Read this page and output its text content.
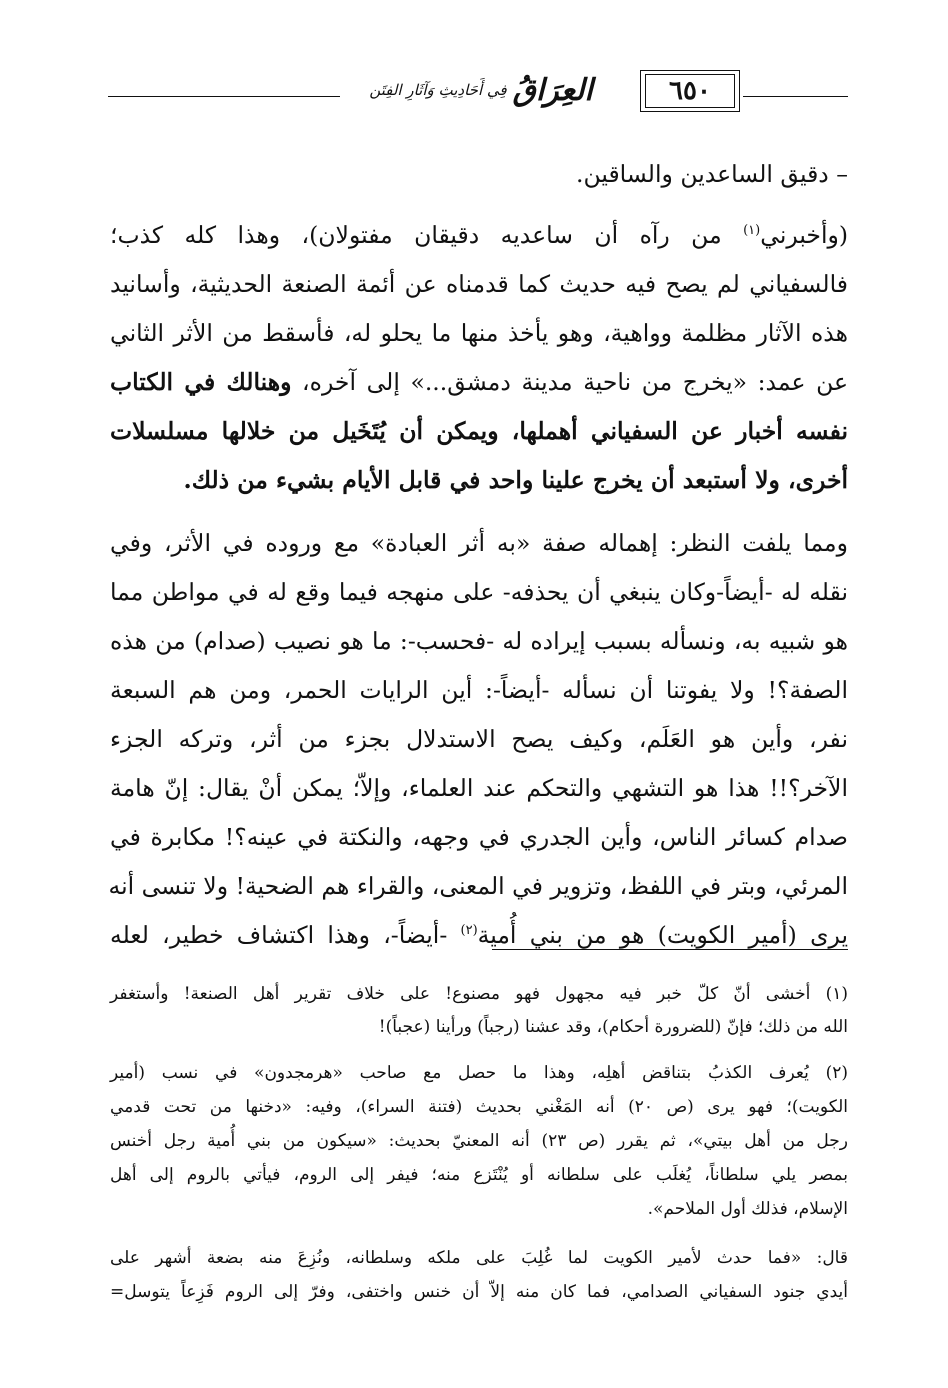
٦٥٠
العِرَاقُ
فِي أَحَادِيثِ وَآثَارِ الفِتَن
– دقيق الساعدين والساقين.
(وأخبرني$^{(١)}$ من رآه أن ساعديه دقيقان مفتولان)، وهذا كله كذب؛
فالسفياني لم يصح فيه حديث كما قدمناه عن أئمة الصنعة الحديثية، وأسانيد
هذه الآثار مظلمة وواهية، وهو يأخذ منها ما يحلو له، فأسقط من الأثر الثاني
عن عمد: «يخرج من ناحية مدينة دمشق...» إلى آخره، وهنالك في الكتاب
نفسه أخبار عن السفياني أهملها، ويمكن أن يُتَخَيل من خلالها مسلسلات
أخرى، ولا أستبعد أن يخرج علينا واحد في قابل الأيام بشيء من ذلك.
ومما يلفت النظر: إهماله صفة «به أثر العبادة» مع وروده في الأثر، وفي
نقله له -أيضاً-وكان ينبغي أن يحذفه- على منهجه فيما وقع له في مواطن مما
هو شبيه به، ونسأله بسبب إيراده له -فحسب-: ما هو نصيب (صدام) من هذه
الصفة؟! ولا يفوتنا أن نسأله -أيضاً-: أين الرايات الحمر، ومن هم السبعة
نفر، وأين هو العَلَم، وكيف يصح الاستدلال بجزء من أثر، وتركه الجزء
الآخر؟!! هذا هو التشهي والتحكم عند العلماء، وإلاّ؛ يمكن أنْ يقال: إنّ هامة
صدام كسائر الناس، وأين الجدري في وجهه، والنكتة في عينه؟! مكابرة في
المرئي، وبتر في اللفظ، وتزوير في المعنى، والقراء هم الضحية! ولا تنسى أنه
يرى (أمير الكويت) هو من بني أُمية$^{(٢)}$ -أيضاً-، وهذا اكتشاف خطير، لعله
(١) أخشى أنّ كلّ خبر فيه مجهول فهو مصنوع! على خلاف تقرير أهل الصنعة! وأستغفر
الله من ذلك؛ فإنّ (للضرورة أحكام)، وقد عشنا (رجباً) ورأينا (عجباً)!
(٢) يُعرف الكذبُ بتناقض أهلِه، وهذا ما حصل مع صاحب «هرمجدون» في نسب (أمير
الكويت)؛ فهو يرى (ص ٢٠) أنه المَغْني بحديث (فتنة السراء)، وفيه: «دخنها من تحت قدمي
رجل من أهل بيتي»، ثم يقرر (ص ٢٣) أنه المعنيّ بحديث: «سيكون من بني أُمية رجل أخنس
بمصر يلي سلطاناً، يُغلَب على سلطانه أو يُنْتَزع منه؛ فيفر إلى الروم، فيأتي بالروم إلى أهل
الإسلام، فذلك أول الملاحم».
قال: «فما حدث لأمير الكويت لما غُلِبَ على ملكه وسلطانه، ونُزِعَ منه بضعة أشهر على
أيدي جنود السفياني الصدامي، فما كان منه إلاّ أن خنس واختفى، وفرّ إلى الروم فَزِعاً يتوسل=
